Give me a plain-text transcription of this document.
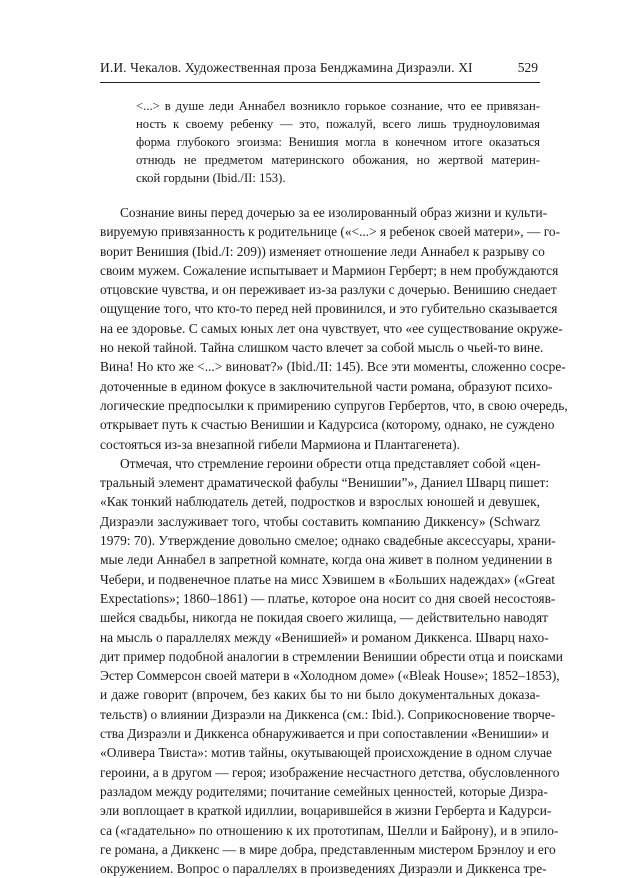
И.И. Чекалов. Художественная проза Бенджамина Дизраэли. XI	529
<...> в душе леди Аннабел возникло горькое сознание, что ее привязан-
ность к своему ребенку — это, пожалуй, всего лишь трудноуловимая
форма глубокого эгоизма: Венишия могла в конечном итоге оказаться
отнюдь не предметом материнского обожания, но жертвой материн-
ской гордыни (Ibid./II: 153).
Сознание вины перед дочерью за ее изолированный образ жизни и культи-
вируемую привязанность к родительнице («<...> я ребенок своей матери», — го-
ворит Венишия (Ibid./I: 209)) изменяет отношение леди Аннабел к разрыву со
своим мужем. Сожаление испытывает и Мармион Герберт; в нем пробуждаются
отцовские чувства, и он переживает из-за разлуки с дочерью. Венишию снедает
ощущение того, что кто-то перед ней провинился, и это губительно сказывается
на ее здоровье. С самых юных лет она чувствует, что «ее существование окруже-
но некой тайной. Тайна слишком часто влечет за собой мысль о чьей-то вине.
Вина! Но кто же <...> виноват?» (Ibid./II: 145). Все эти моменты, сложенно сосре-
доточенные в едином фокусе в заключительной части романа, образуют психо-
логические предпосылки к примирению супругов Гербертов, что, в свою очередь,
открывает путь к счастью Венишии и Кадурсиса (которому, однако, не суждено
состояться из-за внезапной гибели Мармиона и Плантагенета).
Отмечая, что стремление героини обрести отца представляет собой «цен-
тральный элемент драматической фабулы “Венишии”», Даниел Шварц пишет:
«Как тонкий наблюдатель детей, подростков и взрослых юношей и девушек,
Дизраэли заслуживает того, чтобы составить компанию Диккенсу» (Schwarz
1979: 70). Утверждение довольно смелое; однако свадебные аксессуары, храни-
мые леди Аннабел в запретной комнате, когда она живет в полном уединении в
Чебери, и подвенечное платье на мисс Хэвишем в «Больших надеждах» («Great
Expectations»; 1860–1861) — платье, которое она носит со дня своей несостояв-
шейся свадьбы, никогда не покидая своего жилища, — действительно наводят
на мысль о параллелях между «Венишией» и романом Диккенса. Шварц нахо-
дит пример подобной аналогии в стремлении Венишии обрести отца и поисками
Эстер Соммерсон своей матери в «Холодном доме» («Bleak House»; 1852–1853),
и даже говорит (впрочем, без каких бы то ни было документальных доказа-
тельств) о влиянии Дизраэли на Диккенса (см.: Ibid.). Соприкосновение творче-
ства Дизраэли и Диккенса обнаруживается и при сопоставлении «Венишии» и
«Оливера Твиста»: мотив тайны, окутывающей происхождение в одном случае
героини, а в другом — героя; изображение несчастного детства, обусловленного
разладом между родителями; почитание семейных ценностей, которые Дизра-
эли воплощает в краткой идиллии, воцарившейся в жизни Герберта и Кадурси-
са («гадательно» по отношению к их прототипам, Шелли и Байрону), и в эпило-
ге романа, а Диккенс — в мире добра, представленным мистером Брэнлоу и его
окружением. Вопрос о параллелях в произведениях Дизраэли и Диккенса тре-
